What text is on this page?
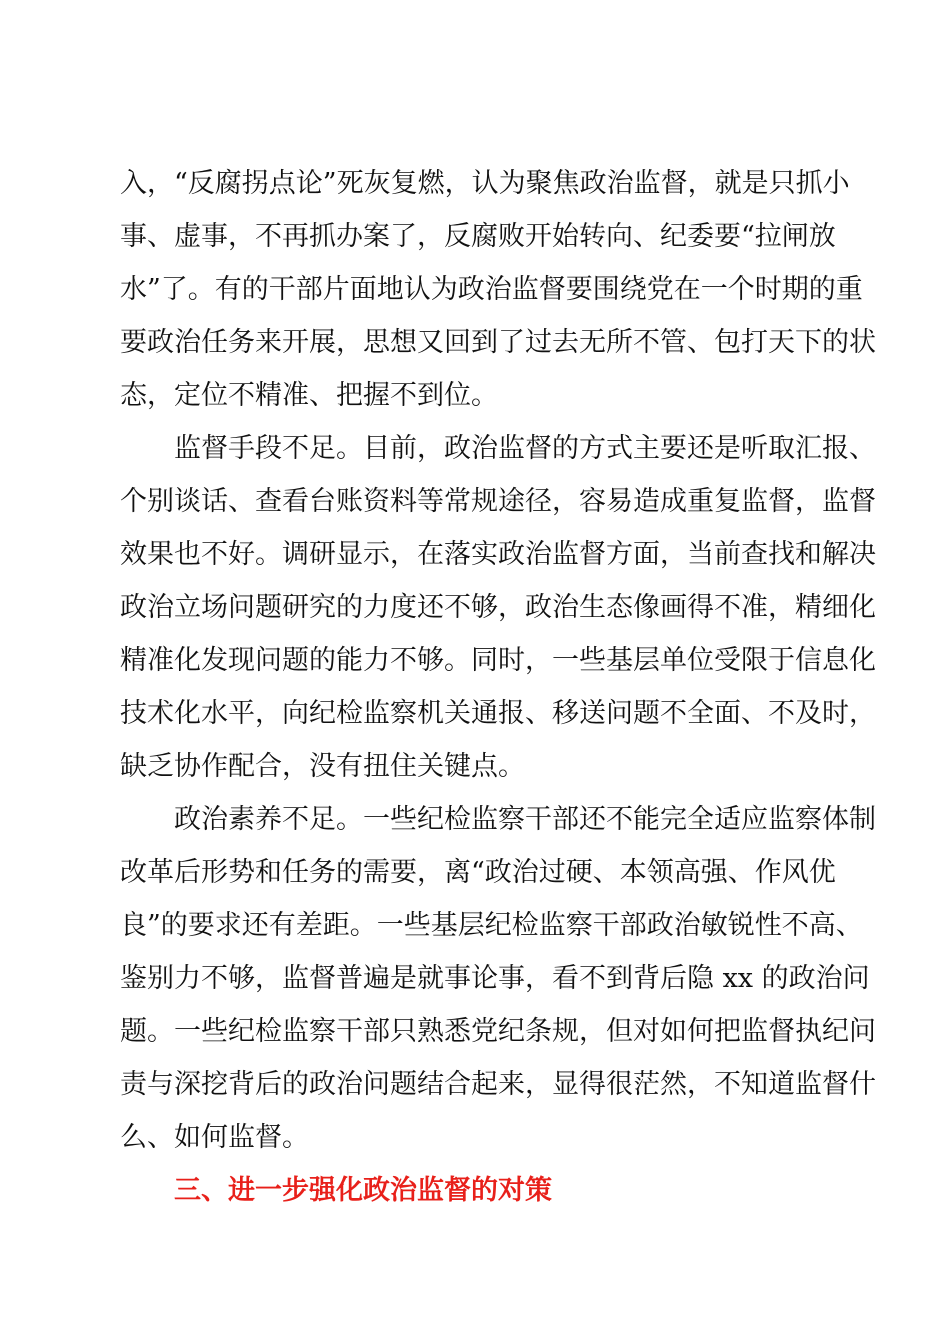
入，“反腐拐点论”死灰复燃，认为聚焦政治监督，就是只抓小
事、虚事，不再抓办案了，反腐败开始转向、纪委要“拉闸放
水”了。有的干部片面地认为政治监督要围绕党在一个时期的重
要政治任务来开展，思想又回到了过去无所不管、包打天下的状
态，定位不精准、把握不到位。
　　监督手段不足。目前，政治监督的方式主要还是听取汇报、
个别谈话、查看台账资料等常规途径，容易造成重复监督，监督
效果也不好。调研显示，在落实政治监督方面，当前查找和解决
政治立场问题研究的力度还不够，政治生态像画得不准，精细化
精准化发现问题的能力不够。同时，一些基层单位受限于信息化
技术化水平，向纪检监察机关通报、移送问题不全面、不及时，
缺乏协作配合，没有扭住关键点。
　　政治素养不足。一些纪检监察干部还不能完全适应监察体制
改革后形势和任务的需要，离“政治过硬、本领高强、作风优
良”的要求还有差距。一些基层纪检监察干部政治敏锐性不高、
鉴别力不够，监督普遍是就事论事，看不到背后隐 xx 的政治问
题。一些纪检监察干部只熟悉党纪条规，但对如何把监督执纪问
责与深挖背后的政治问题结合起来，显得很茫然，不知道监督什
么、如何监督。
三、进一步强化政治监督的对策
